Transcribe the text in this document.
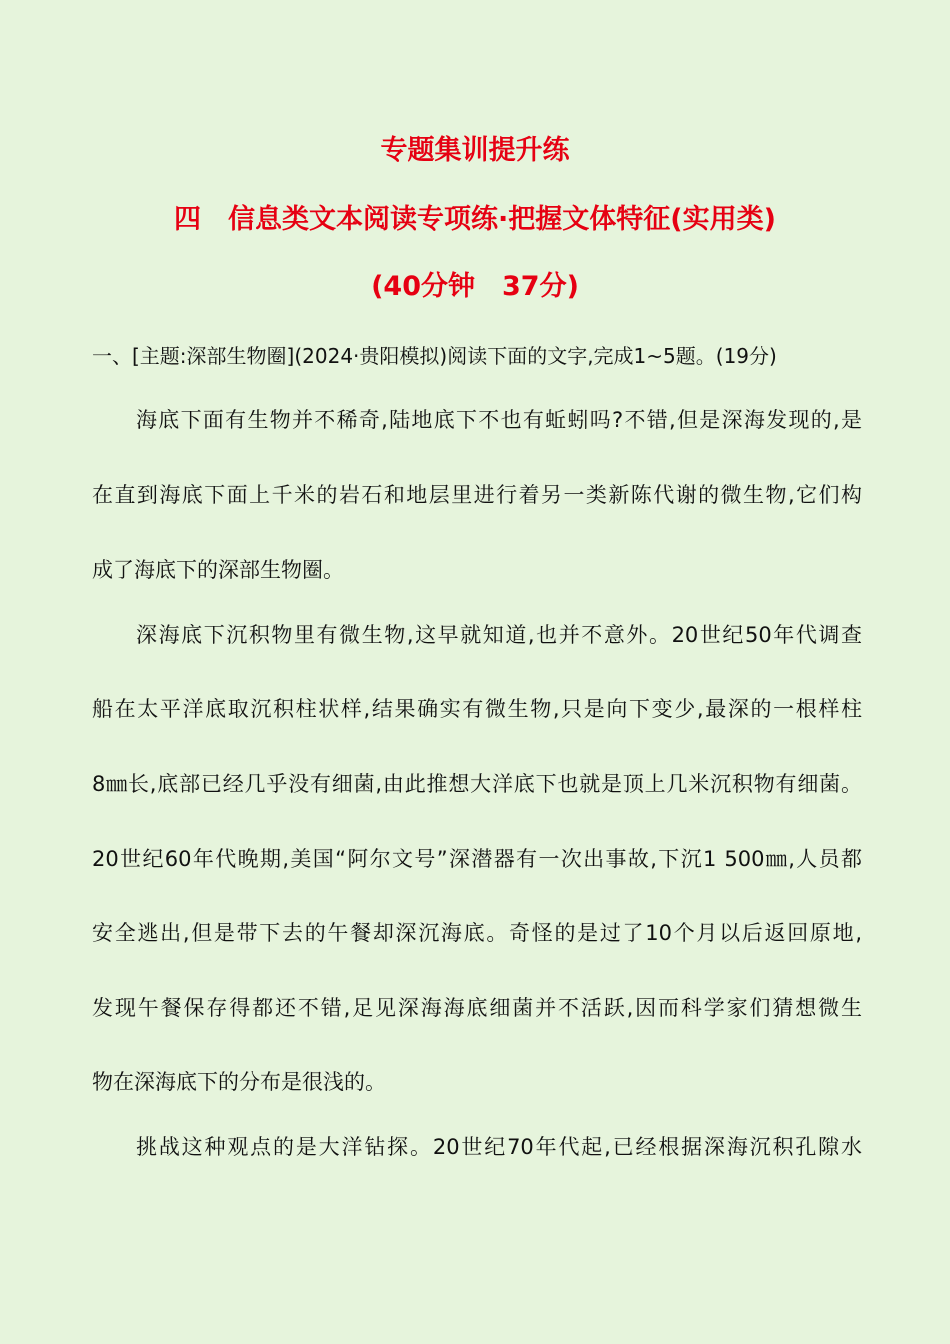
专题集训提升练
四　信息类文本阅读专项练·把握文体特征(实用类)
(40分钟　37分)
一、[主题:深部生物圈](2024·贵阳模拟)阅读下面的文字,完成1~5题。(19分)
海底下面有生物并不稀奇,陆地底下不也有蚯蚓吗?不错,但是深海发现的,是
在直到海底下面上千米的岩石和地层里进行着另一类新陈代谢的微生物,它们构
成了海底下的深部生物圈。
深海底下沉积物里有微生物,这早就知道,也并不意外。20世纪50年代调查
船在太平洋底取沉积柱状样,结果确实有微生物,只是向下变少,最深的一根样柱
8㎜长,底部已经几乎没有细菌,由此推想大洋底下也就是顶上几米沉积物有细菌。
20世纪60年代晚期,美国“阿尔文号”深潜器有一次出事故,下沉1 500㎜,人员都
安全逃出,但是带下去的午餐却深沉海底。奇怪的是过了10个月以后返回原地,
发现午餐保存得都还不错,足见深海海底细菌并不活跃,因而科学家们猜想微生
物在深海底下的分布是很浅的。
挑战这种观点的是大洋钻探。20世纪70年代起,已经根据深海沉积孔隙水
